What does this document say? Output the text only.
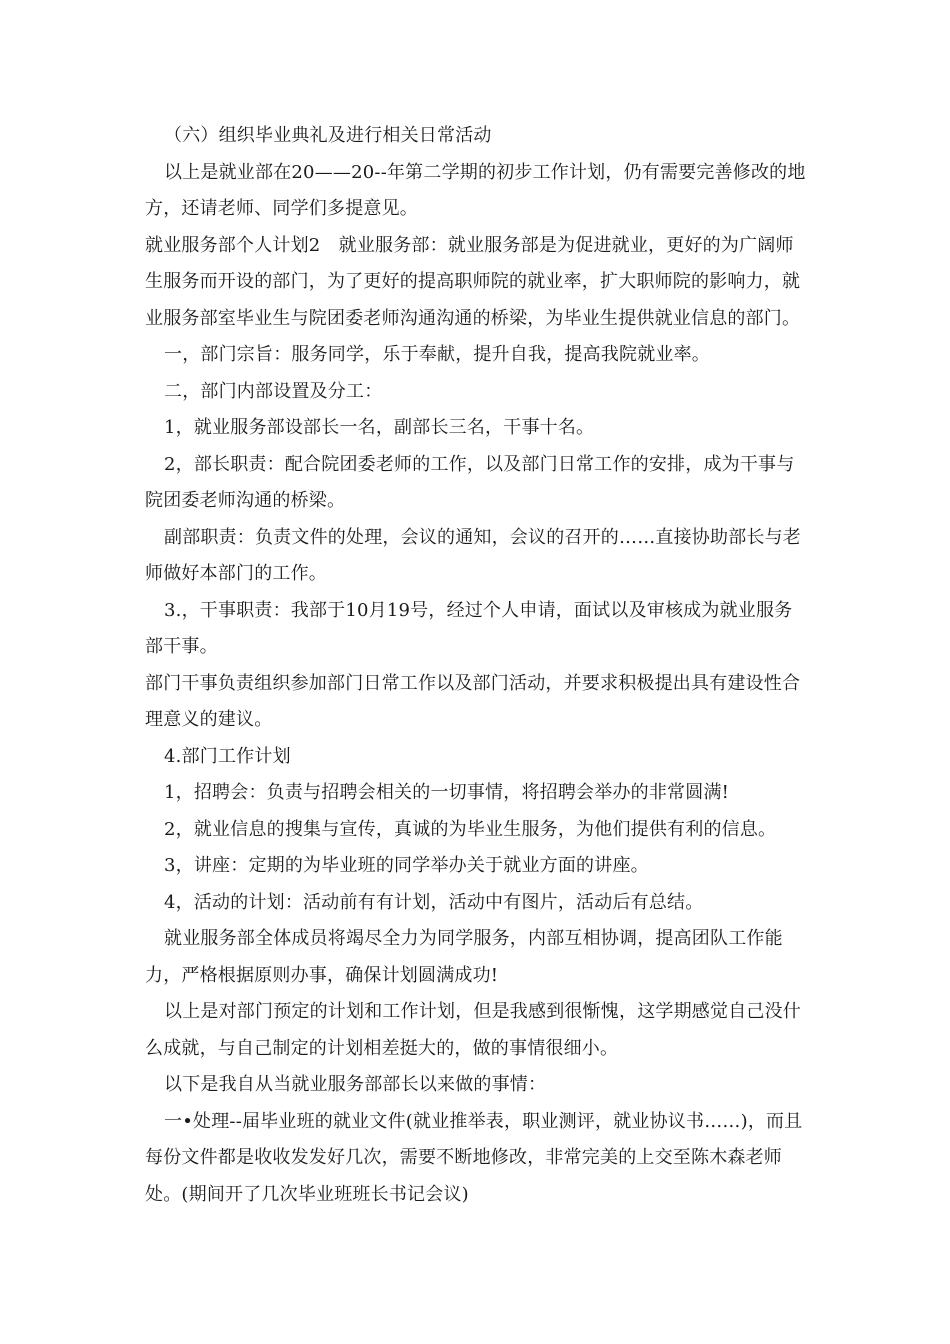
（六）组织毕业典礼及进行相关日常活动

以上是就业部在20——20--年第二学期的初步工作计划，仍有需要完善修改的地方，还请老师、同学们多提意见。

就业服务部个人计划2　就业服务部：就业服务部是为促进就业，更好的为广阔师生服务而开设的部门，为了更好的提高职师院的就业率，扩大职师院的影响力，就业服务部室毕业生与院团委老师沟通沟通的桥梁，为毕业生提供就业信息的部门。

一，部门宗旨：服务同学，乐于奉献，提升自我，提高我院就业率。

二，部门内部设置及分工：

1，就业服务部设部长一名，副部长三名，干事十名。

2，部长职责：配合院团委老师的工作，以及部门日常工作的安排，成为干事与院团委老师沟通的桥梁。

副部职责：负责文件的处理，会议的通知，会议的召开的……直接协助部长与老师做好本部门的工作。

3.，干事职责：我部于10月19号，经过个人申请，面试以及审核成为就业服务部干事。

部门干事负责组织参加部门日常工作以及部门活动，并要求积极提出具有建设性合理意义的建议。

4.部门工作计划

1，招聘会：负责与招聘会相关的一切事情，将招聘会举办的非常圆满!

2，就业信息的搜集与宣传，真诚的为毕业生服务，为他们提供有利的信息。

3，讲座：定期的为毕业班的同学举办关于就业方面的讲座。

4，活动的计划：活动前有有计划，活动中有图片，活动后有总结。

就业服务部全体成员将竭尽全力为同学服务，内部互相协调，提高团队工作能力，严格根据原则办事，确保计划圆满成功!

以上是对部门预定的计划和工作计划，但是我感到很惭愧，这学期感觉自己没什么成就，与自己制定的计划相差挺大的，做的事情很细小。

以下是我自从当就业服务部部长以来做的事情：

一•处理--届毕业班的就业文件(就业推举表，职业测评，就业协议书……)，而且每份文件都是收收发发好几次，需要不断地修改，非常完美的上交至陈木森老师处。(期间开了几次毕业班班长书记会议)
